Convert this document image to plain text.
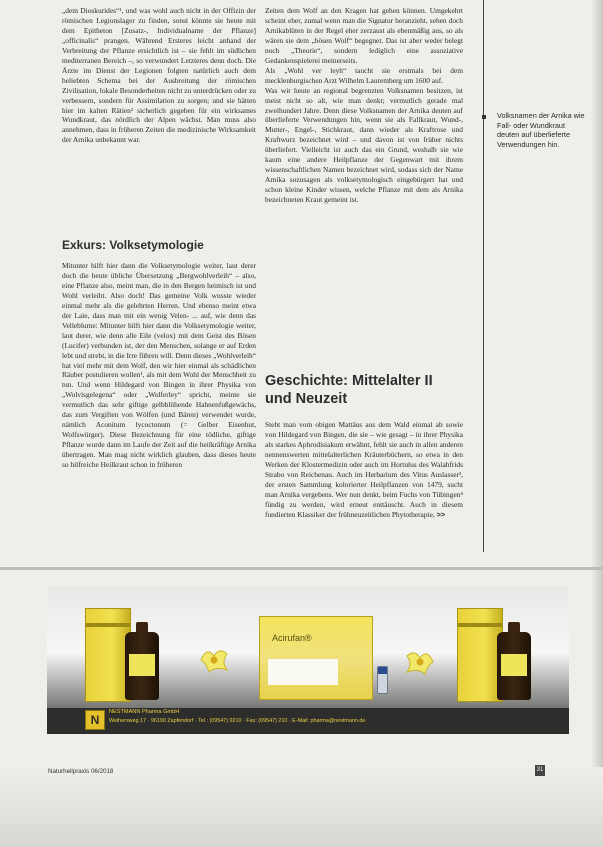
„dem Dioskurides“¹, und was wohl auch nicht in der Offizin der römischen Legionslager zu finden, sonst könnte sie heute mit dem Epitheton [Zusatz-, Individualname der Pflanze] „officinalis“ prangen. Während Ersteres leicht anhand der Verbreitung der Pflanze ersichtlich ist – sie fehlt im südlichen mediterranen Bereich –, so verwundert Letzteres denn doch. Die Ärzte im Dienst der Legionen folgten natürlich auch dem beliebten Schema bei der Ausbreitung der römischen Zivilisation, lokale Besonderheiten nicht zu unterdrücken oder zu verbessern, sondern für Assimilation zu sorgen; und sie hätten hier im kalten Rätien² sicherlich gegeben für ein wirksames Wundkraut, das nördlich der Alpen wächst. Man muss also annehmen, dass in früheren Zeiten die medizinische Wirksamkeit der Arnika unbekannt war.

Exkurs: Volksetymologie

Mitunter hilft hier dann die Volksetymologie weiter, laut derer doch die heute übliche Übersetzung „Bergwohlverleih“ – also, eine Pflanze also, meint man, die in den Bergen heimisch ist und Wohl verleiht. Also doch! Das gemeine Volk wusste wieder einmal mehr als die gelehrten Herren. Und ebenso meint etwa der Laie, dass man mit ein wenig Velen- ... auf, wie denn das Velleblume: Mitunter hilft hier dann die Volksetymologie weiter, laut derer, wie denn alle Eile (velox) mit dem Geist des Bösen (Lucifer) verbunden ist, der den Menschen, solange er auf Erden lebt und strebt, in die Irre führen will. Denn dieses „Wohlverleih“ hat viel mehr mit dem Wolf, den wir hier einmal als schädlichen Räuber postulieren wollen¹, als mit dem Wohl der Menschheit zu tun. Und wenn Hildegard von Bingen in ihrer Physika von „Wolvisgelegena“ oder „Wolferley“ spricht, meinte sie vermutlich das sehr giftige gelbblühende Hahnenfußgewächs, das zum Vergiften von Wölfen (und Bären) verwendet wurde, nämlich Aconitum lycoctonum (= Gelber Eisenhut, Wolfswürger). Diese Bezeichnung für eine tödliche, giftige Pflanze wurde dann im Laufe der Zeit auf die heilkräftige Arnika übertragen. Man mag nicht wirklich glauben, dass dieses heute so hilfreiche Heilkraut schon in früheren

Zeiten dem Wolf an den Kragen hat gehen können. Umgekehrt scheint eher, zumal wenn man die Signatur heranzieht, sehen doch Arnikablüten in der Regel eher zerzaust als ebenmäßig aus, so als wären sie dem „bösen Wolf“ begegnet. Das ist aber weder belegt noch „Theorie“, sondern lediglich eine assoziative Gedankenspielerei meinerseits.

Als „Wohl ver leyh“ taucht sie erstmals bei dem mecklenburgischen Arzt Wilhelm Lauremberg um 1600 auf.

Was wir heute an regional begrenzten Volksnamen besitzen, ist meist nicht so alt, wie man denkt; vermutlich gerade mal zweihundert Jahre. Denn diese Volksnamen der Arnika deuten auf überlieferte Verwendungen hin, wenn sie als Fallkraut, Wund-, Mutter-, Engel-, Stichkraut, dann wieder als Kraftrose und Kraftwurz bezeichnet wird – und davon ist von früher nichts überliefert. Vielleicht ist auch das ein Grund, weshalb sie wie kaum eine andere Heilpflanze der Gegenwart mit ihrem wissenschaftlichen Namen bezeichnet wird, sodass sich der Name Arnika sozusagen als volksetymologisch eingebürgert hat und schon kleine Kinder wissen, welche Pflanze mit dem als Arnika bezeichneten Kraut gemeint ist.

Geschichte: Mittelalter II und Neuzeit

Steht man vom obigen Mattäus aus dem Wald einmal ab sowie von Hildegard von Bingen, die sie – wie gesagt – in ihrer Physika als starkes Aphrodisiakum erwähnt, fehlt sie auch in allen anderen nennenswerten mittelalterlichen Kräuterbüchern, so etwa in den Werken der Klostermedizin oder auch im Hortulus des Walahfrids Strabo von Reichenau. Auch im Herbarium des Vitus Auslasser³, der ersten Sammlung kolorierter Heilpflanzen von 1479, sucht man Arnika vergebens. Wer nun denkt, beim Fuchs von Tübingen⁴ fündig zu werden, wird erneut enttäuscht. Auch in diesem fundierten Klassiker der frühneuzeitlichen Phytotherapie, >>

Volksnamen der Arnika wie Fall- oder Wundkraut deuten auf überlieferte Verwendungen hin.
Acirufan®
N
NESTMANN Pharma GmbH
Weihersweg 17 · 96190 Zapfendorf · Tel.: (09547) 9210 · Fax: (09547) 210 · E-Mail: pharma@nestmann.de
Naturheilpraxis 06/2018	31
